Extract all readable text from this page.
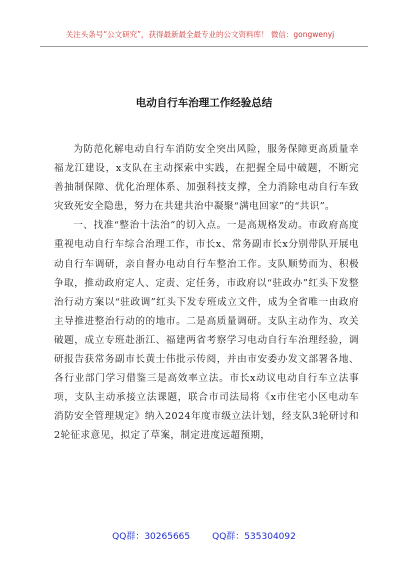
关注头条号“公文研究”，获得最新最全最专业的公文资料库！ 微信：gongwenyj
电动自行车治理工作经验总结

为防范化解电动自行车消防安全突出风险，服务保障更高质量幸福龙江建设，x支队在主动探索中实践，在把握全局中破题，不断完善抽制保障、优化治理体系、加强科技支撑，全力消除电动自行车致灾致死安全隐患，努力在共建共治中凝聚“满电回家”的“共识”。

一、找准“整治十法治”的切入点。一是高规格发动。市政府高度重视电动自行车综合治理工作，市长x、常务副市长x分别带队开展电动自行车调研，亲自督办电动自行车整治工作。支队顺势而为、积极争取，推动政府定人、定责、定任务，市政府以“驻政办”红头下发整治行动方案以“驻政调”红头下发专班成立文件，成为全省唯一由政府主导推进整治行动的的地市。二是高质量调研。支队主动作为、攻关破题，成立专班赴浙江、福建两省考察学习电动自行车治理经验，调研报告获常务副市长黄士伟批示传阅，并由市安委办发文部署各地、各行业部门学习借鉴三是高效率立法。市长x动议电动自行车立法事项，支队主动承接立法课题，联合市司法局将《x市住宅小区电动车消防安全管理规定》纳入2024年度市级立法计划，经支队3轮研讨和2轮征求意见，拟定了草案，制定进度远超预期，

QQ群：30265665 QQ群：535304092
